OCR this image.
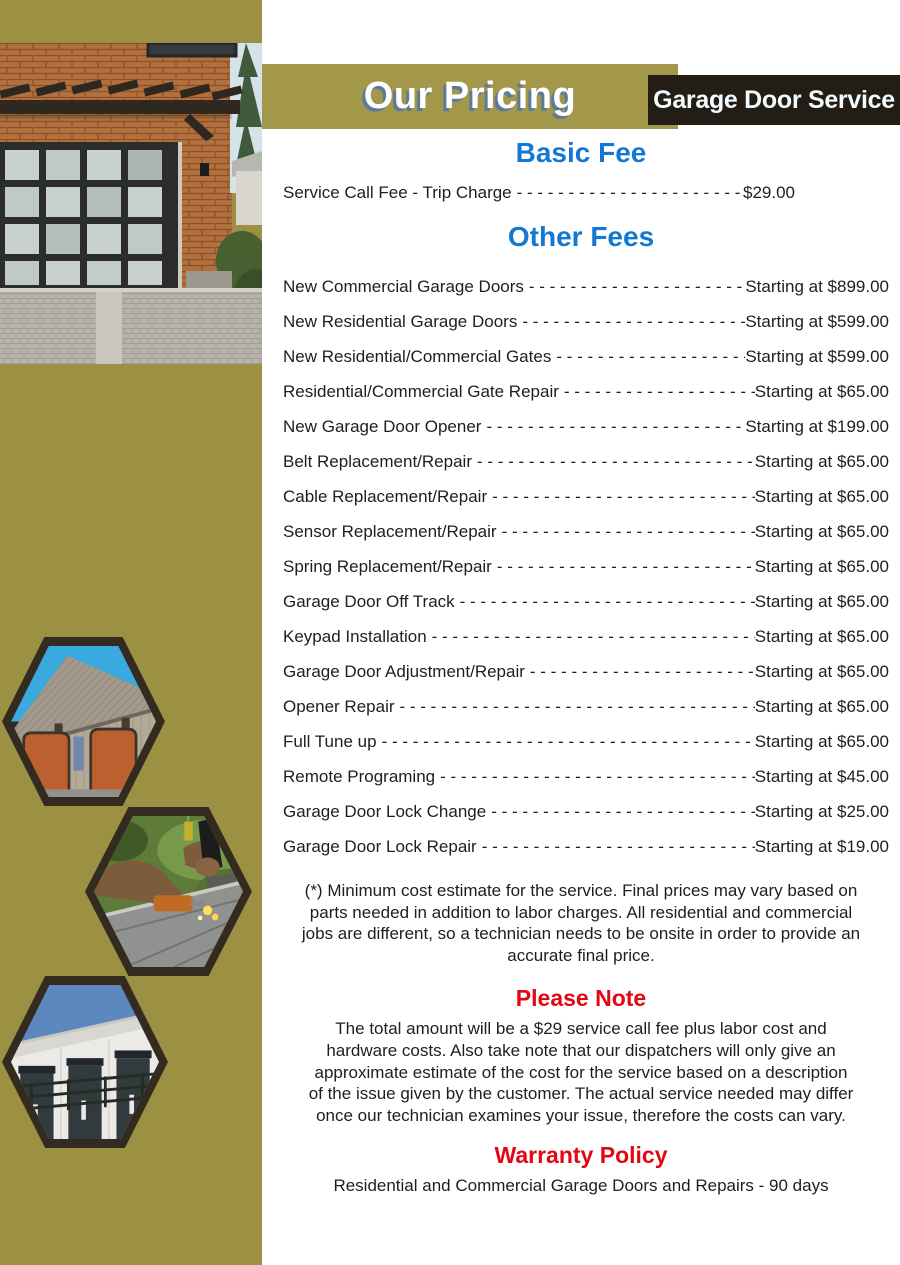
Our Pricing	Garage Door Service
Basic Fee
Service Call Fee - Trip Charge - - -	$29.00
Other Fees
New Commercial Garage Doors - - -	Starting at $899.00
New Residential Garage Doors - - -	Starting at $599.00
New Residential/Commercial Gates - - -	Starting at $599.00
Residential/Commercial Gate Repair - - -	Starting at $65.00
New Garage Door Opener - - -	Starting at $199.00
Belt Replacement/Repair - - -	Starting at $65.00
Cable Replacement/Repair - - -	Starting at $65.00
Sensor Replacement/Repair - - -	Starting at $65.00
Spring Replacement/Repair - - -	Starting at $65.00
Garage Door Off Track - - -	Starting at $65.00
Keypad Installation - - -	Starting at $65.00
Garage Door Adjustment/Repair - - -	Starting at $65.00
Opener Repair - - -	Starting at $65.00
Full Tune up - - -	Starting at $65.00
Remote Programing - - -	Starting at $45.00
Garage Door Lock Change - - -	Starting at $25.00
Garage Door Lock Repair - - -	Starting at $19.00

(*) Minimum cost estimate for the service. Final prices may vary based on parts needed in addition to labor charges. All residential and commercial jobs are different, so a technician needs to be onsite in order to provide an accurate final price.

Please Note

The total amount will be a $29 service call fee plus labor cost and hardware costs. Also take note that our dispatchers will only give an approximate estimate of the cost for the service based on a description of the issue given by the customer. The actual service needed may differ once our technician examines your issue, therefore the costs can vary.

Warranty Policy

Residential and Commercial Garage Doors and Repairs - 90 days
